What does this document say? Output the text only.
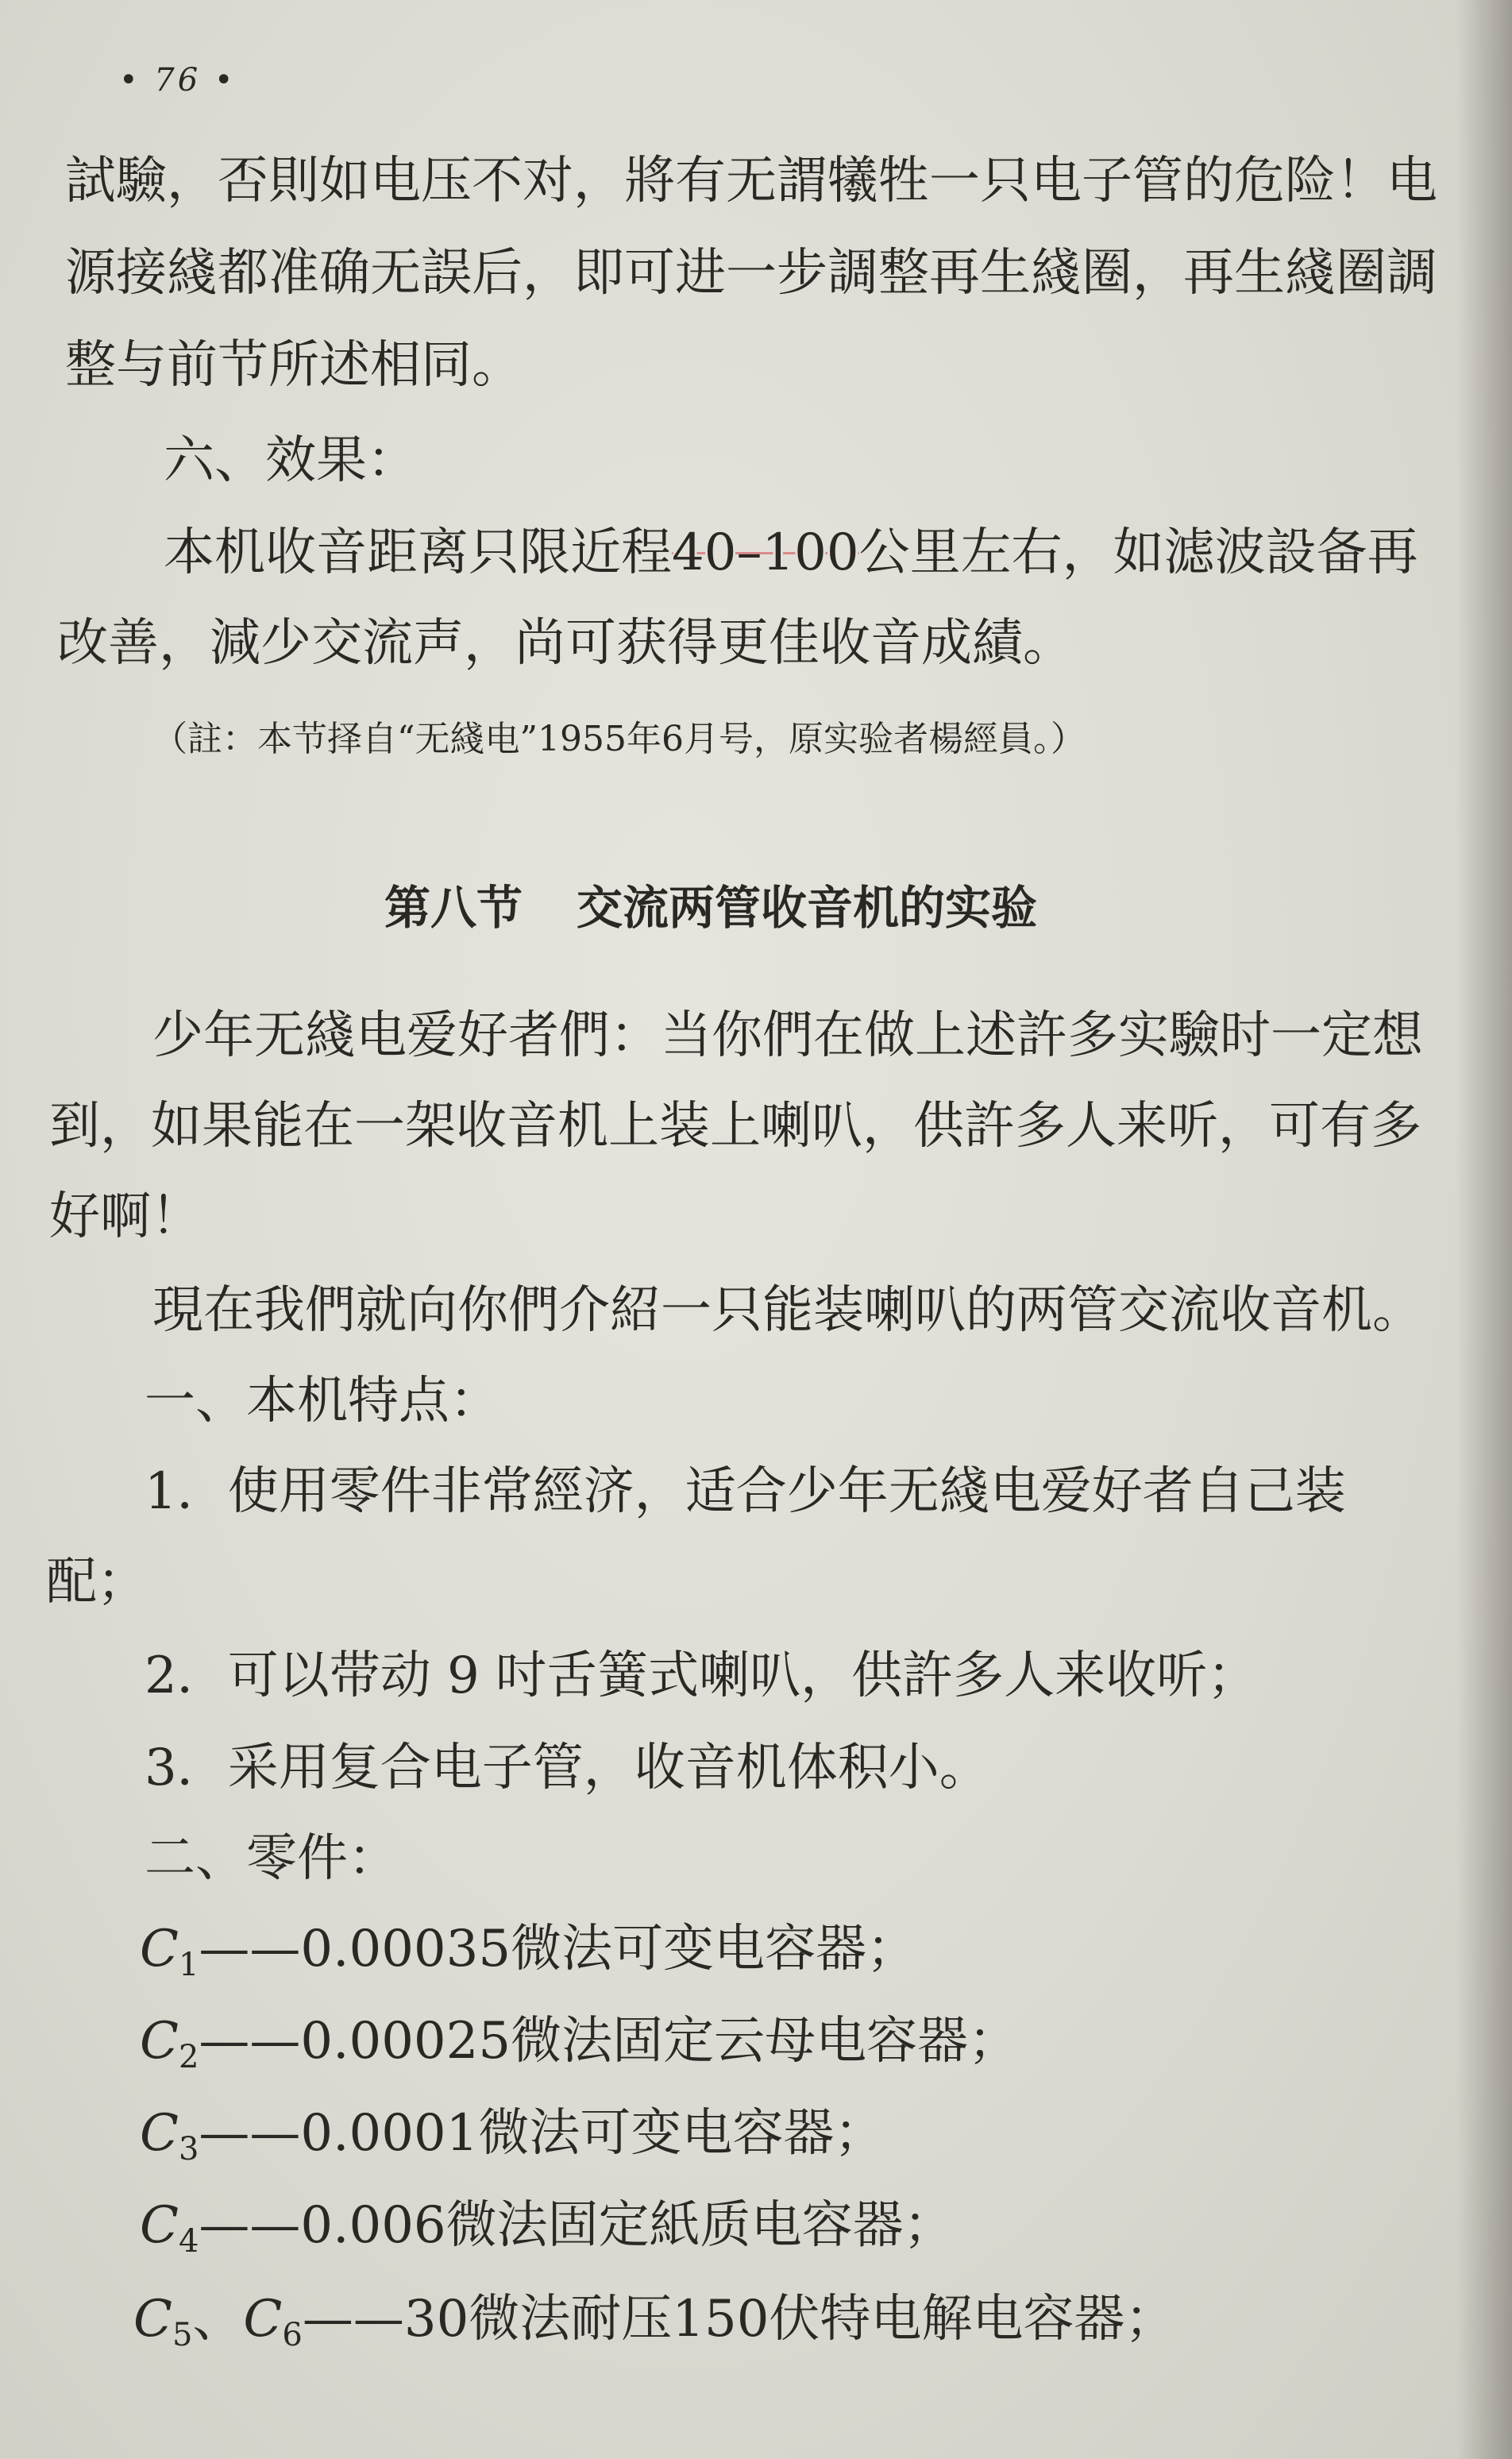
• 76 •
試驗，否則如电压不对，將有无謂犧牲一只电子管的危险！电
源接綫都准确无誤后，即可进一步調整再生綫圈，再生綫圈調
整与前节所述相同。
六、效果：
本机收音距离只限近程40–100公里左右，如滤波設备再
改善，減少交流声，尚可获得更佳收音成績。
（註：本节择自“无綫电”1955年6月号，原实验者楊經員。）
第八节 交流两管收音机的实验
少年无綫电爱好者們：当你們在做上述許多实驗时一定想
到，如果能在一架收音机上装上喇叭，供許多人来听，可有多
好啊！
現在我們就向你們介紹一只能装喇叭的两管交流收音机。
一、本机特点：
1．使用零件非常經济，适合少年无綫电爱好者自己装
配；
2．可以带动 9 吋舌簧式喇叭，供許多人来收听；
3．采用复合电子管，收音机体积小。
二、零件：
$C_1——0.00035$微法可变电容器；
$C_2——0.00025$微法固定云母电容器；
$C_3——0.0001$微法可变电容器；
$C_4——0.006$微法固定紙质电容器；
$C_5$、$C_6——30$微法耐压150伏特电解电容器；
